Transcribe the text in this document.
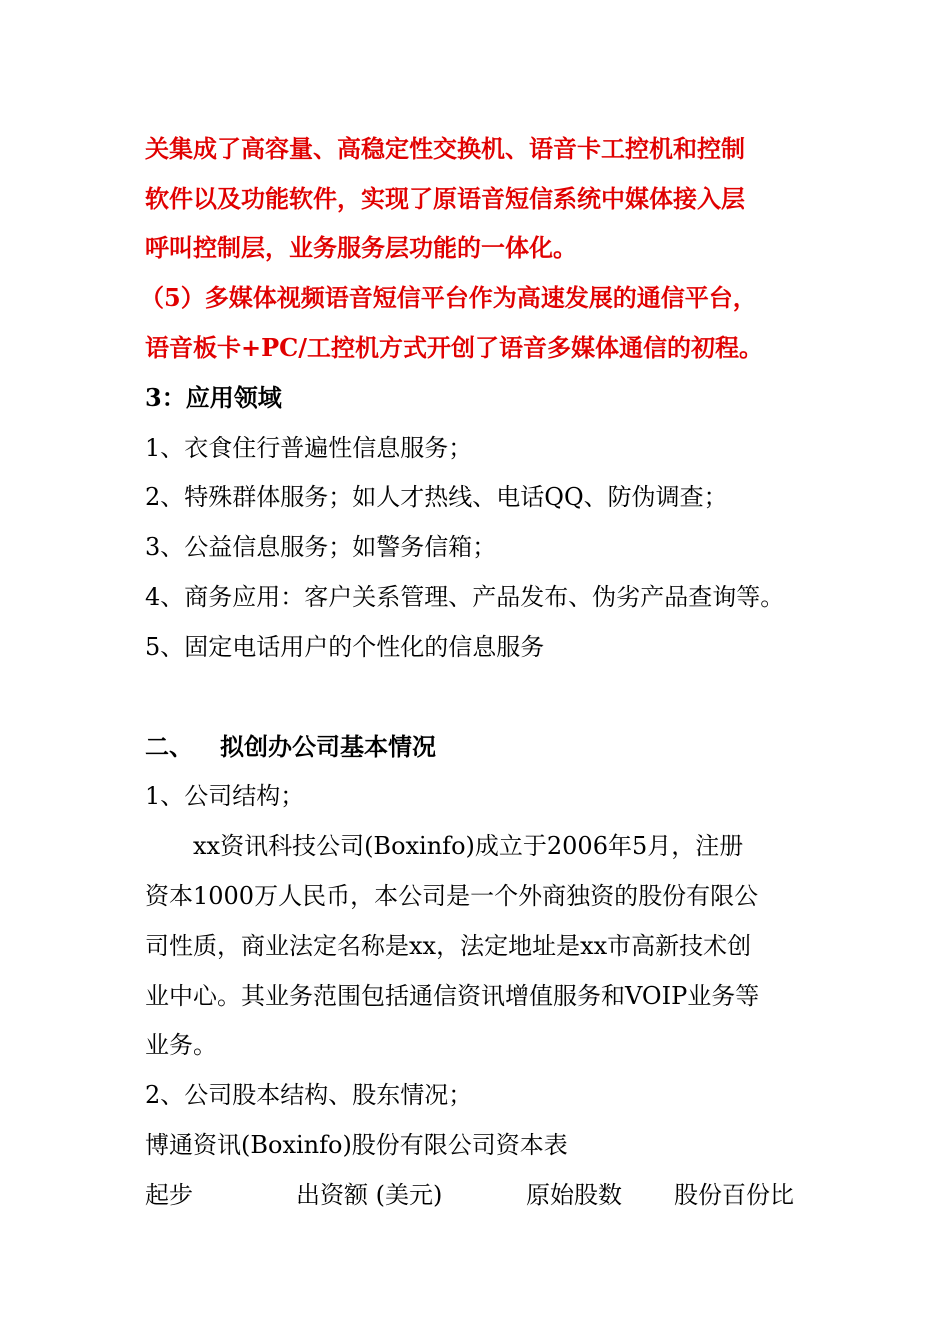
关集成了高容量、高稳定性交换机、语音卡工控机和控制
软件以及功能软件，实现了原语音短信系统中媒体接入层
呼叫控制层，业务服务层功能的一体化。
（5）多媒体视频语音短信平台作为高速发展的通信平台，
语音板卡+PC/工控机方式开创了语音多媒体通信的初程。
3：应用领域
1、衣食住行普遍性信息服务；
2、特殊群体服务；如人才热线、电话QQ、防伪调查；
3、公益信息服务；如警务信箱；
4、商务应用：客户关系管理、产品发布、伪劣产品查询等。
5、固定电话用户的个性化的信息服务
二、 拟创办公司基本情况
1、公司结构；
xx资讯科技公司(Boxinfo)成立于2006年5月，注册
资本1000万人民币，本公司是一个外商独资的股份有限公
司性质，商业法定名称是xx，法定地址是xx市高新技术创
业中心。其业务范围包括通信资讯增值服务和VOIP业务等
业务。
2、公司股本结构、股东情况；
博通资讯(Boxinfo)股份有限公司资本表
起步	出资额 (美元)	原始股数 股份百份比
